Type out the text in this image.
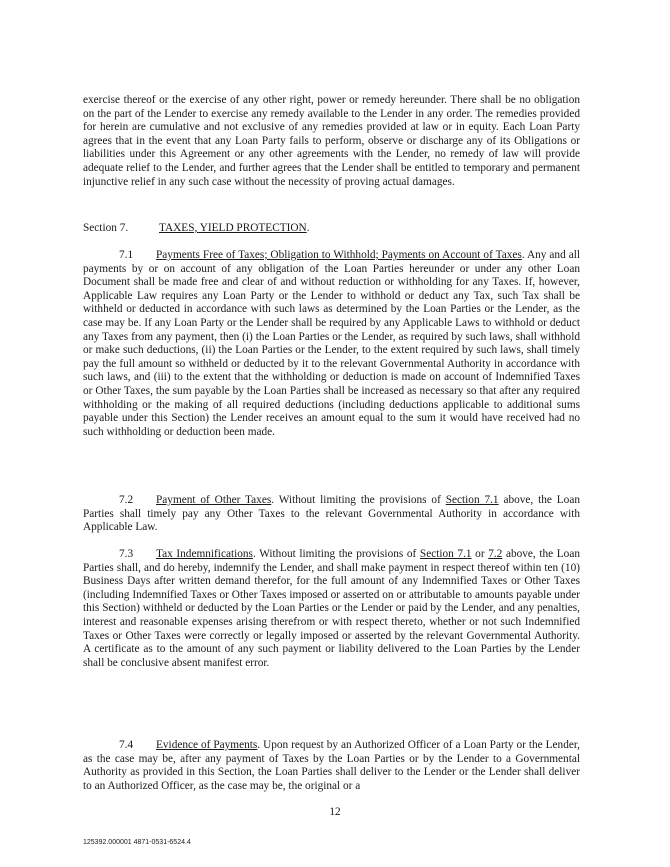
exercise thereof or the exercise of any other right, power or remedy hereunder. There shall be no obligation on the part of the Lender to exercise any remedy available to the Lender in any order. The remedies provided for herein are cumulative and not exclusive of any remedies provided at law or in equity. Each Loan Party agrees that in the event that any Loan Party fails to perform, observe or discharge any of its Obligations or liabilities under this Agreement or any other agreements with the Lender, no remedy of law will provide adequate relief to the Lender, and further agrees that the Lender shall be entitled to temporary and permanent injunctive relief in any such case without the necessity of proving actual damages.

Section 7.	TAXES, YIELD PROTECTION.

7.1 Payments Free of Taxes; Obligation to Withhold; Payments on Account of Taxes. Any and all payments by or on account of any obligation of the Loan Parties hereunder or under any other Loan Document shall be made free and clear of and without reduction or withholding for any Taxes. If, however, Applicable Law requires any Loan Party or the Lender to withhold or deduct any Tax, such Tax shall be withheld or deducted in accordance with such laws as determined by the Loan Parties or the Lender, as the case may be. If any Loan Party or the Lender shall be required by any Applicable Laws to withhold or deduct any Taxes from any payment, then (i) the Loan Parties or the Lender, as required by such laws, shall withhold or make such deductions, (ii) the Loan Parties or the Lender, to the extent required by such laws, shall timely pay the full amount so withheld or deducted by it to the relevant Governmental Authority in accordance with such laws, and (iii) to the extent that the withholding or deduction is made on account of Indemnified Taxes or Other Taxes, the sum payable by the Loan Parties shall be increased as necessary so that after any required withholding or the making of all required deductions (including deductions applicable to additional sums payable under this Section) the Lender receives an amount equal to the sum it would have received had no such withholding or deduction been made.

7.2 Payment of Other Taxes. Without limiting the provisions of Section 7.1 above, the Loan Parties shall timely pay any Other Taxes to the relevant Governmental Authority in accordance with Applicable Law.

7.3 Tax Indemnifications. Without limiting the provisions of Section 7.1 or 7.2 above, the Loan Parties shall, and do hereby, indemnify the Lender, and shall make payment in respect thereof within ten (10) Business Days after written demand therefor, for the full amount of any Indemnified Taxes or Other Taxes (including Indemnified Taxes or Other Taxes imposed or asserted on or attributable to amounts payable under this Section) withheld or deducted by the Loan Parties or the Lender or paid by the Lender, and any penalties, interest and reasonable expenses arising therefrom or with respect thereto, whether or not such Indemnified Taxes or Other Taxes were correctly or legally imposed or asserted by the relevant Governmental Authority. A certificate as to the amount of any such payment or liability delivered to the Loan Parties by the Lender shall be conclusive absent manifest error.

7.4 Evidence of Payments. Upon request by an Authorized Officer of a Loan Party or the Lender, as the case may be, after any payment of Taxes by the Loan Parties or by the Lender to a Governmental Authority as provided in this Section, the Loan Parties shall deliver to the Lender or the Lender shall deliver to an Authorized Officer, as the case may be, the original or a

12
125392.000001 4871-0531-6524.4
